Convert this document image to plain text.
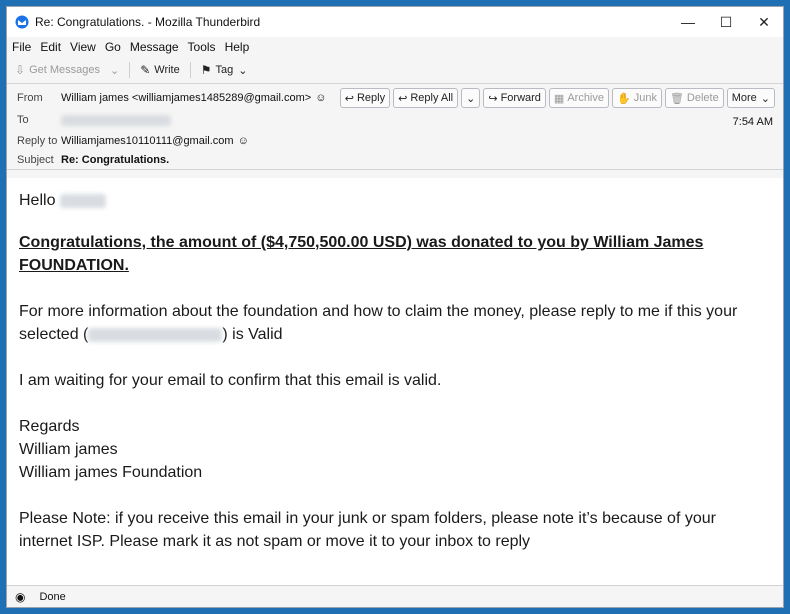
Re: Congratulations. - Mozilla Thunderbird	—	☐	✕
File Edit View Go Message Tools Help
⇩ Get Messages ⌄ ✎ Write ⚑ Tag ⌄
From	William james <williamjames1485289@gmail.com> ☺ ↩ Reply ↩ Reply All ⌄ ↪ Forward ▦ Archive ✋ Junk 🗑 Delete More ⌄
To	7:54 AM
Reply to Williamjames10110111@gmail.com ☺
Subject Re: Congratulations.

Hello

Congratulations, the amount of ($4,750,500.00 USD) was donated to you by William James FOUNDATION.

For more information about the foundation and how to claim the money, please reply to me if this your selected (	) is Valid

I am waiting for your email to confirm that this email is valid.

Regards

William james

William james Foundation

Please Note: if you receive this email in your junk or spam folders, please note it’s because of your internet ISP. Please mark it as not spam or move it to your inbox to reply

◉ Done
